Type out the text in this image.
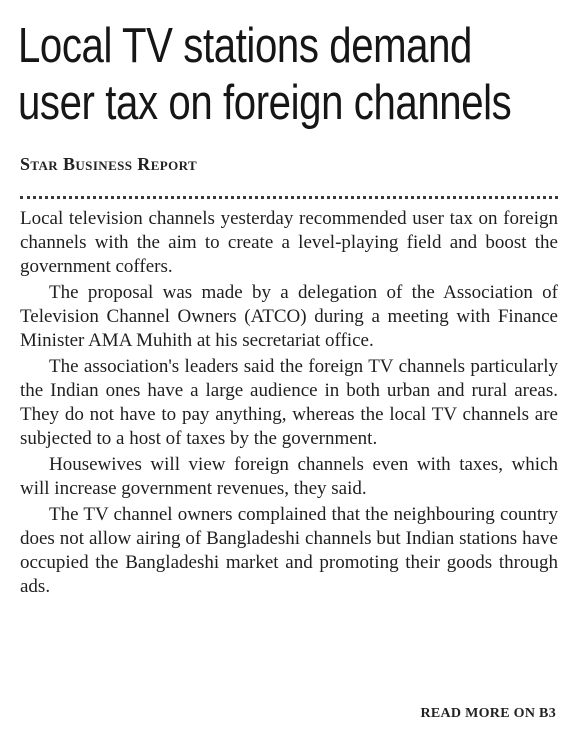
Local TV stations demand
user tax on foreign channels

Star Business Report

Local television channels yesterday recommended user tax on foreign channels with the aim to create a level-playing field and boost the government coffers.

The proposal was made by a delegation of the Association of Television Channel Owners (ATCO) during a meeting with Finance Minister AMA Muhith at his secretariat office.

The association's leaders said the foreign TV channels particularly the Indian ones have a large audience in both urban and rural areas. They do not have to pay anything, whereas the local TV channels are subjected to a host of taxes by the government.

Housewives will view foreign channels even with taxes, which will increase government revenues, they said.

The TV channel owners complained that the neighbouring country does not allow airing of Bangladeshi channels but Indian stations have occupied the Bangladeshi market and promoting their goods through ads.

READ MORE ON B3
